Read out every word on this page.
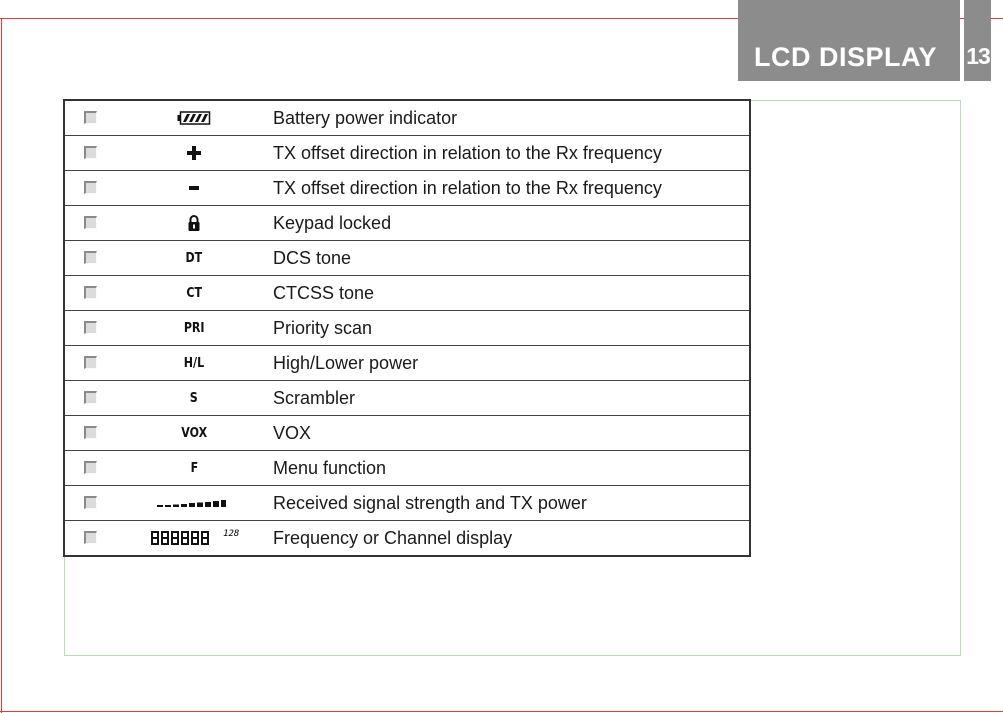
LCD DISPLAY 13
		Battery power indicator
		TX offset direction in relation to the Rx frequency
		TX offset direction in relation to the Rx frequency
		Keypad locked
	DT	DCS tone
	CT	CTCSS tone
	PRI	Priority scan
	H/L	High/Lower power
	S	Scrambler
	VOX	VOX
	F	Menu function
		Received signal strength and TX power
	$^{128}$	Frequency or Channel display
